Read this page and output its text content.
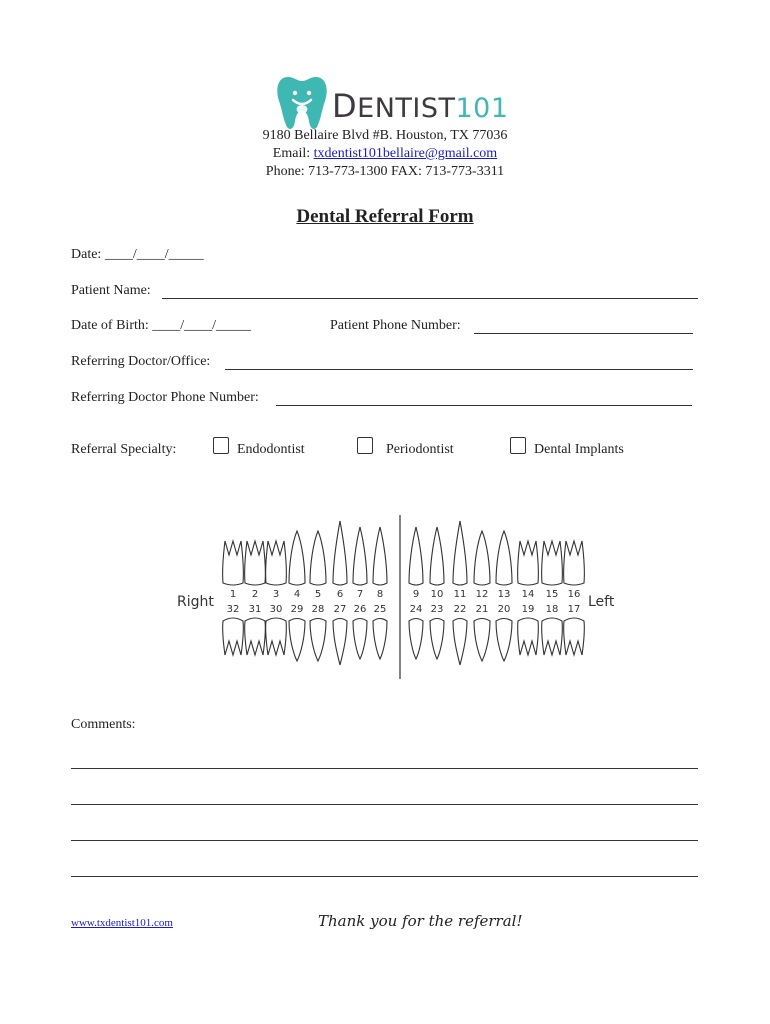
DENTIST101
9180 Bellaire Blvd #B. Houston, TX 77036
Email: txdentist101bellaire@gmail.com
Phone: 713-773-1300 FAX: 713-773-3311
Dental Referral Form
Date: ____/____/_____
Patient Name:
Date of Birth: ____/____/_____	Patient Phone Number:
Referring Doctor/Office:
Referring Doctor Phone Number:
Referral Specialty:	Endodontist	Periodontist	Dental Implants
Right	Left
1 2 3 4 5 6 7 8	9 10 11 12 13 14 15 16
32 31 30 29 28 27 26 25 24 23 22 21 20 19 18 17
Comments:
www.txdentist101.com	Thank you for the referral!
